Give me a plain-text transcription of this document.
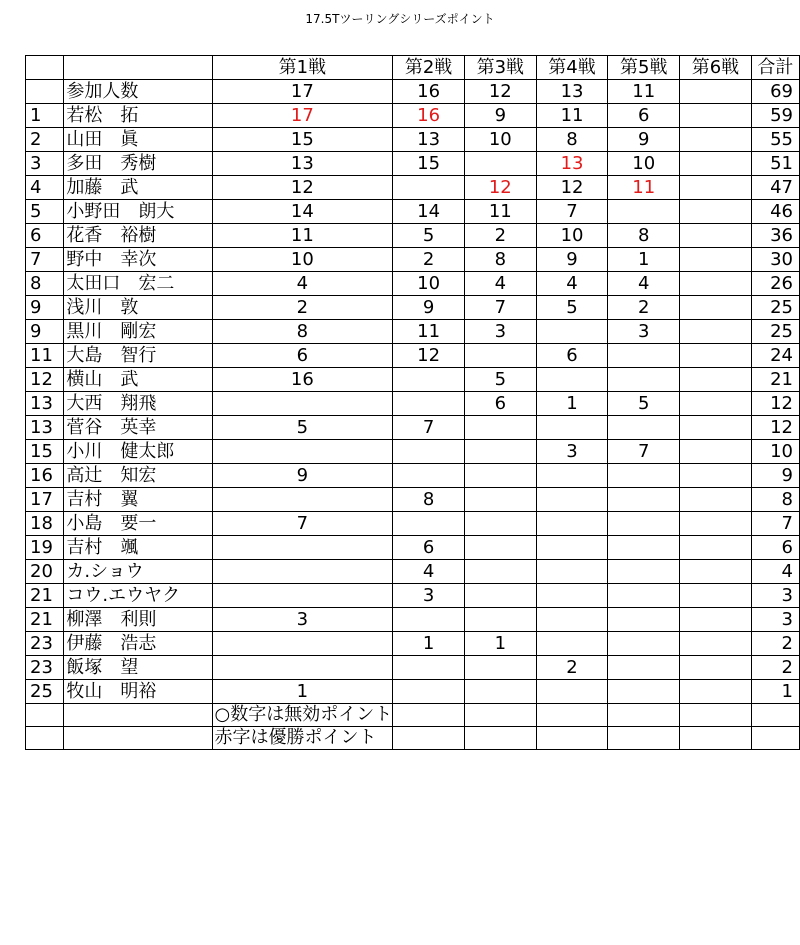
17.5Tツーリングシリーズポイント
		第1戦	第2戦	第3戦	第4戦	第5戦	第6戦	合計
	参加人数	17	16	12	13	11		69
1	若松　拓	17	16	9	11	6		59
2	山田　眞	15	13	10	8	9		55
3	多田　秀樹	13	15		13	10		51
4	加藤　武	12		12	12	11		47
5	小野田　朗大	14	14	11	7			46
6	花香　裕樹	11	5	2	10	8		36
7	野中　幸次	10	2	8	9	1		30
8	太田口　宏二	4	10	4	4	4		26
9	浅川　敦	2	9	7	5	2		25
9	黒川　剛宏	8	11	3		3		25
11	大島　智行	6	12		6			24
12	横山　武	16		5				21
13	大西　翔飛			6	1	5		12
13	菅谷　英幸	5	7					12
15	小川　健太郎				3	7		10
16	高辻　知宏	9						9
17	吉村　翼		8					8
18	小島　要一	7						7
19	吉村　颯		6					6
20	カ.ショウ		4					4
21	コウ.エウヤク		3					3
21	柳澤　利則	3						3
23	伊藤　浩志		1	1				2
23	飯塚　望				2			2
25	牧山　明裕	1						1
		○数字は無効ポイント						
		赤字は優勝ポイント						
